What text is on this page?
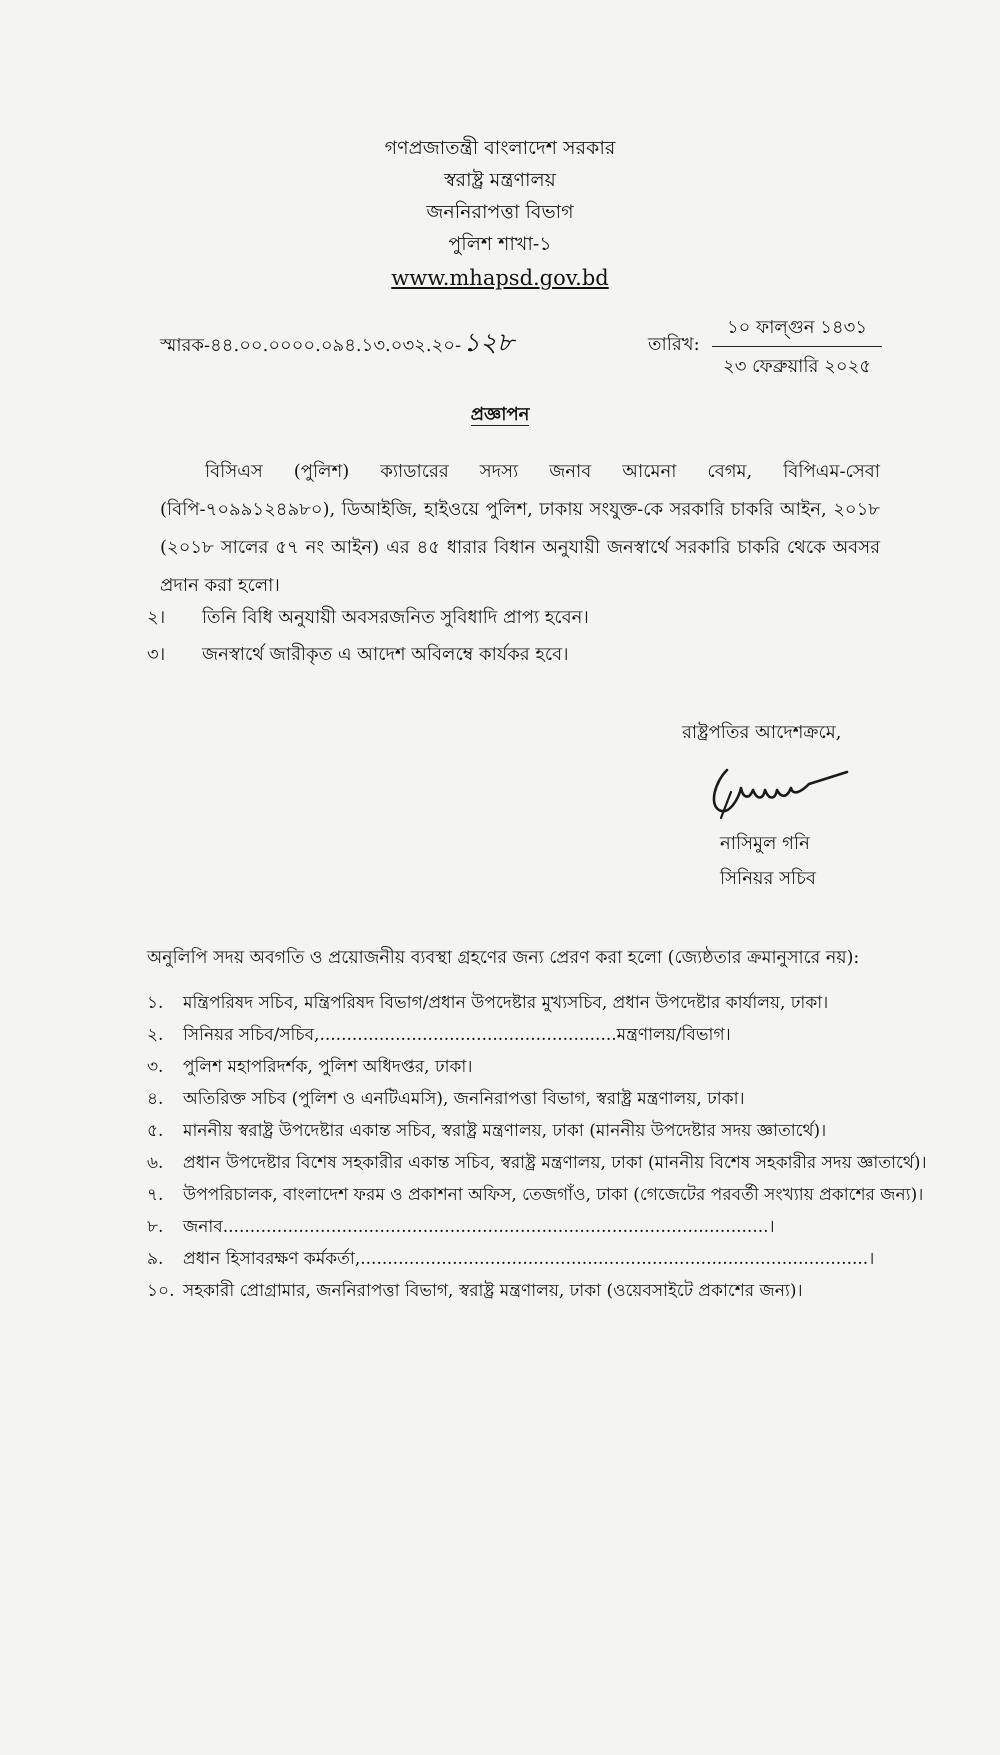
গণপ্রজাতন্ত্রী বাংলাদেশ সরকার
স্বরাষ্ট্র মন্ত্রণালয়
জননিরাপত্তা বিভাগ
পুলিশ শাখা-১
www.mhapsd.gov.bd
স্মারক-৪৪.০০.০০০০.০৯৪.১৩.০৩২.২০-১২৮	তারিখ:
১০ ফাল্গুন ১৪৩১
২৩ ফেব্রুয়ারি ২০২৫
প্রজ্ঞাপন
বিসিএস (পুলিশ) ক্যাডারের সদস্য জনাব আমেনা বেগম, বিপিএম-সেবা (বিপি-৭০৯৯১২৪৯৮০), ডিআইজি, হাইওয়ে পুলিশ, ঢাকায় সংযুক্ত-কে সরকারি চাকরি আইন, ২০১৮ (২০১৮ সালের ৫৭ নং আইন) এর ৪৫ ধারার বিধান অনুযায়ী জনস্বার্থে সরকারি চাকরি থেকে অবসর প্রদান করা হলো।
২। তিনি বিধি অনুযায়ী অবসরজনিত সুবিধাদি প্রাপ্য হবেন।
৩। জনস্বার্থে জারীকৃত এ আদেশ অবিলম্বে কার্যকর হবে।
রাষ্ট্রপতির আদেশক্রমে,
নাসিমুল গনি
সিনিয়র সচিব
অনুলিপি সদয় অবগতি ও প্রয়োজনীয় ব্যবস্থা গ্রহণের জন্য প্রেরণ করা হলো (জ্যেষ্ঠতার ক্রমানুসারে নয়):
১. মন্ত্রিপরিষদ সচিব, মন্ত্রিপরিষদ বিভাগ/প্রধান উপদেষ্টার মুখ্যসচিব, প্রধান উপদেষ্টার কার্যালয়, ঢাকা।
২. সিনিয়র সচিব/সচিব,.......................................................মন্ত্রণালয়/বিভাগ।
৩. পুলিশ মহাপরিদর্শক, পুলিশ অধিদপ্তর, ঢাকা।
৪. অতিরিক্ত সচিব (পুলিশ ও এনটিএমসি), জননিরাপত্তা বিভাগ, স্বরাষ্ট্র মন্ত্রণালয়, ঢাকা।
৫. মাননীয় স্বরাষ্ট্র উপদেষ্টার একান্ত সচিব, স্বরাষ্ট্র মন্ত্রণালয়, ঢাকা (মাননীয় উপদেষ্টার সদয় জ্ঞাতার্থে)।
৬. প্রধান উপদেষ্টার বিশেষ সহকারীর একান্ত সচিব, স্বরাষ্ট্র মন্ত্রণালয়, ঢাকা (মাননীয় বিশেষ সহকারীর সদয় জ্ঞাতার্থে)।
৭. উপপরিচালক, বাংলাদেশ ফরম ও প্রকাশনা অফিস, তেজগাঁও, ঢাকা (গেজেটের পরবর্তী সংখ্যায় প্রকাশের জন্য)।
৮. জনাব.....................................................................................................।
৯. প্রধান হিসাবরক্ষণ কর্মকর্তা,..............................................................................................।
১০. সহকারী প্রোগ্রামার, জননিরাপত্তা বিভাগ, স্বরাষ্ট্র মন্ত্রণালয়, ঢাকা (ওয়েবসাইটে প্রকাশের জন্য)।
